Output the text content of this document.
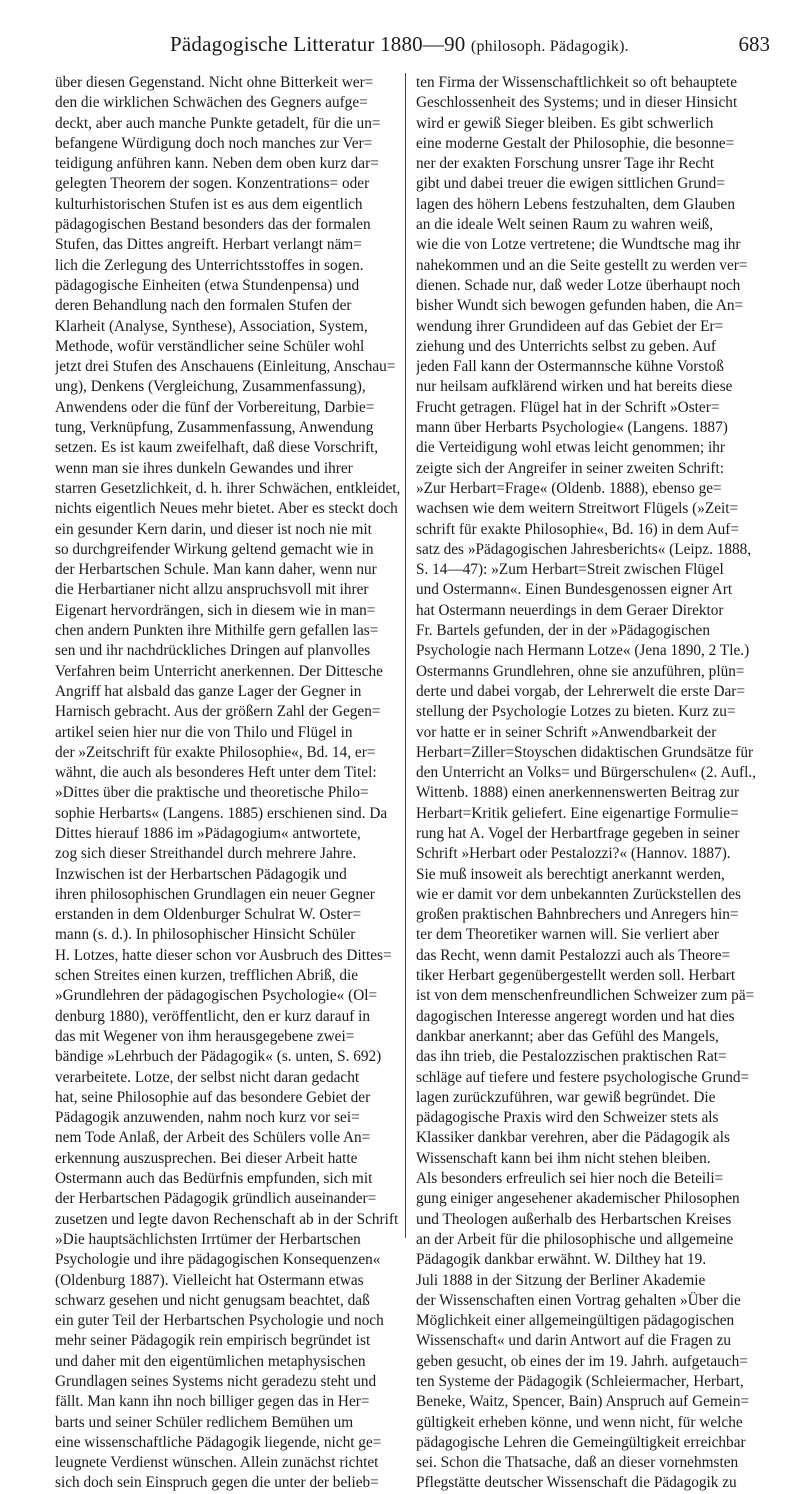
Pädagogische Litteratur 1880—90 (philosoph. Pädagogik).	683
über diesen Gegenstand. Nicht ohne Bitterkeit wer=
den die wirklichen Schwächen des Gegners aufge=
deckt, aber auch manche Punkte getadelt, für die un=
befangene Würdigung doch noch manches zur Ver=
teidigung anführen kann. Neben dem oben kurz dar=
gelegten Theorem der sogen. Konzentrations= oder
kulturhistorischen Stufen ist es aus dem eigentlich
pädagogischen Bestand besonders das der formalen
Stufen, das Dittes angreift. Herbart verlangt näm=
lich die Zerlegung des Unterrichtsstoffes in sogen.
pädagogische Einheiten (etwa Stundenpensa) und
deren Behandlung nach den formalen Stufen der
Klarheit (Analyse, Synthese), Association, System,
Methode, wofür verständlicher seine Schüler wohl
jetzt drei Stufen des Anschauens (Einleitung, Anschau=
ung), Denkens (Vergleichung, Zusammenfassung),
Anwendens oder die fünf der Vorbereitung, Darbie=
tung, Verknüpfung, Zusammenfassung, Anwendung
setzen. Es ist kaum zweifelhaft, daß diese Vorschrift,
wenn man sie ihres dunkeln Gewandes und ihrer
starren Gesetzlichkeit, d. h. ihrer Schwächen, entkleidet,
nichts eigentlich Neues mehr bietet. Aber es steckt doch
ein gesunder Kern darin, und dieser ist noch nie mit
so durchgreifender Wirkung geltend gemacht wie in
der Herbartschen Schule. Man kann daher, wenn nur
die Herbartianer nicht allzu anspruchsvoll mit ihrer
Eigenart hervordrängen, sich in diesem wie in man=
chen andern Punkten ihre Mithilfe gern gefallen las=
sen und ihr nachdrückliches Dringen auf planvolles
Verfahren beim Unterricht anerkennen. Der Dittesche
Angriff hat alsbald das ganze Lager der Gegner in
Harnisch gebracht. Aus der größern Zahl der Gegen=
artikel seien hier nur die von Thilo und Flügel in
der »Zeitschrift für exakte Philosophie«, Bd. 14, er=
wähnt, die auch als besonderes Heft unter dem Titel:
»Dittes über die praktische und theoretische Philo=
sophie Herbarts« (Langens. 1885) erschienen sind. Da
Dittes hierauf 1886 im »Pädagogium« antwortete,
zog sich dieser Streithandel durch mehrere Jahre.
Inzwischen ist der Herbartschen Pädagogik und
ihren philosophischen Grundlagen ein neuer Gegner
erstanden in dem Oldenburger Schulrat W. Oster=
mann (s. d.). In philosophischer Hinsicht Schüler
H. Lotzes, hatte dieser schon vor Ausbruch des Dittes=
schen Streites einen kurzen, trefflichen Abriß, die
»Grundlehren der pädagogischen Psychologie« (Ol=
denburg 1880), veröffentlicht, den er kurz darauf in
das mit Wegener von ihm herausgegebene zwei=
bändige »Lehrbuch der Pädagogik« (s. unten, S. 692)
verarbeitete. Lotze, der selbst nicht daran gedacht
hat, seine Philosophie auf das besondere Gebiet der
Pädagogik anzuwenden, nahm noch kurz vor sei=
nem Tode Anlaß, der Arbeit des Schülers volle An=
erkennung auszusprechen. Bei dieser Arbeit hatte
Ostermann auch das Bedürfnis empfunden, sich mit
der Herbartschen Pädagogik gründlich auseinander=
zusetzen und legte davon Rechenschaft ab in der Schrift
»Die hauptsächlichsten Irrtümer der Herbartschen
Psychologie und ihre pädagogischen Konsequenzen«
(Oldenburg 1887). Vielleicht hat Ostermann etwas
schwarz gesehen und nicht genugsam beachtet, daß
ein guter Teil der Herbartschen Psychologie und noch
mehr seiner Pädagogik rein empirisch begründet ist
und daher mit den eigentümlichen metaphysischen
Grundlagen seines Systems nicht geradezu steht und
fällt. Man kann ihn noch billiger gegen das in Her=
barts und seiner Schüler redlichem Bemühen um
eine wissenschaftliche Pädagogik liegende, nicht ge=
leugnete Verdienst wünschen. Allein zunächst richtet
sich doch sein Einspruch gegen die unter der belieb=
ten Firma der Wissenschaftlichkeit so oft behauptete
Geschlossenheit des Systems; und in dieser Hinsicht
wird er gewiß Sieger bleiben. Es gibt schwerlich
eine moderne Gestalt der Philosophie, die besonne=
ner der exakten Forschung unsrer Tage ihr Recht
gibt und dabei treuer die ewigen sittlichen Grund=
lagen des höhern Lebens festzuhalten, dem Glauben
an die ideale Welt seinen Raum zu wahren weiß,
wie die von Lotze vertretene; die Wundtsche mag ihr
nahekommen und an die Seite gestellt zu werden ver=
dienen. Schade nur, daß weder Lotze überhaupt noch
bisher Wundt sich bewogen gefunden haben, die An=
wendung ihrer Grundideen auf das Gebiet der Er=
ziehung und des Unterrichts selbst zu geben. Auf
jeden Fall kann der Ostermannsche kühne Vorstoß
nur heilsam aufklärend wirken und hat bereits diese
Frucht getragen. Flügel hat in der Schrift »Oster=
mann über Herbarts Psychologie« (Langens. 1887)
die Verteidigung wohl etwas leicht genommen; ihr
zeigte sich der Angreifer in seiner zweiten Schrift:
»Zur Herbart=Frage« (Oldenb. 1888), ebenso ge=
wachsen wie dem weitern Streitwort Flügels (»Zeit=
schrift für exakte Philosophie«, Bd. 16) in dem Auf=
satz des »Pädagogischen Jahresberichts« (Leipz. 1888,
S. 14—47): »Zum Herbart=Streit zwischen Flügel
und Ostermann«. Einen Bundesgenossen eigner Art
hat Ostermann neuerdings in dem Geraer Direktor
Fr. Bartels gefunden, der in der »Pädagogischen
Psychologie nach Hermann Lotze« (Jena 1890, 2 Tle.)
Ostermanns Grundlehren, ohne sie anzuführen, plün=
derte und dabei vorgab, der Lehrerwelt die erste Dar=
stellung der Psychologie Lotzes zu bieten. Kurz zu=
vor hatte er in seiner Schrift »Anwendbarkeit der
Herbart=Ziller=Stoyschen didaktischen Grundsätze für
den Unterricht an Volks= und Bürgerschulen« (2. Aufl.,
Wittenb. 1888) einen anerkennenswerten Beitrag zur
Herbart=Kritik geliefert. Eine eigenartige Formulie=
rung hat A. Vogel der Herbartfrage gegeben in seiner
Schrift »Herbart oder Pestalozzi?« (Hannov. 1887).
Sie muß insoweit als berechtigt anerkannt werden,
wie er damit vor dem unbekannten Zurückstellen des
großen praktischen Bahnbrechers und Anregers hin=
ter dem Theoretiker warnen will. Sie verliert aber
das Recht, wenn damit Pestalozzi auch als Theore=
tiker Herbart gegenübergestellt werden soll. Herbart
ist von dem menschenfreundlichen Schweizer zum pä=
dagogischen Interesse angeregt worden und hat dies
dankbar anerkannt; aber das Gefühl des Mangels,
das ihn trieb, die Pestalozzischen praktischen Rat=
schläge auf tiefere und festere psychologische Grund=
lagen zurückzuführen, war gewiß begründet. Die
pädagogische Praxis wird den Schweizer stets als
Klassiker dankbar verehren, aber die Pädagogik als
Wissenschaft kann bei ihm nicht stehen bleiben.
Als besonders erfreulich sei hier noch die Beteili=
gung einiger angesehener akademischer Philosophen
und Theologen außerhalb des Herbartschen Kreises
an der Arbeit für die philosophische und allgemeine
Pädagogik dankbar erwähnt. W. Dilthey hat 19.
Juli 1888 in der Sitzung der Berliner Akademie
der Wissenschaften einen Vortrag gehalten »Über die
Möglichkeit einer allgemeingültigen pädagogischen
Wissenschaft« und darin Antwort auf die Fragen zu
geben gesucht, ob eines der im 19. Jahrh. aufgetauch=
ten Systeme der Pädagogik (Schleiermacher, Herbart,
Beneke, Waitz, Spencer, Bain) Anspruch auf Gemein=
gültigkeit erheben könne, und wenn nicht, für welche
pädagogische Lehren die Gemeingültigkeit erreichbar
sei. Schon die Thatsache, daß an dieser vornehmsten
Pflegstätte deutscher Wissenschaft die Pädagogik zu
